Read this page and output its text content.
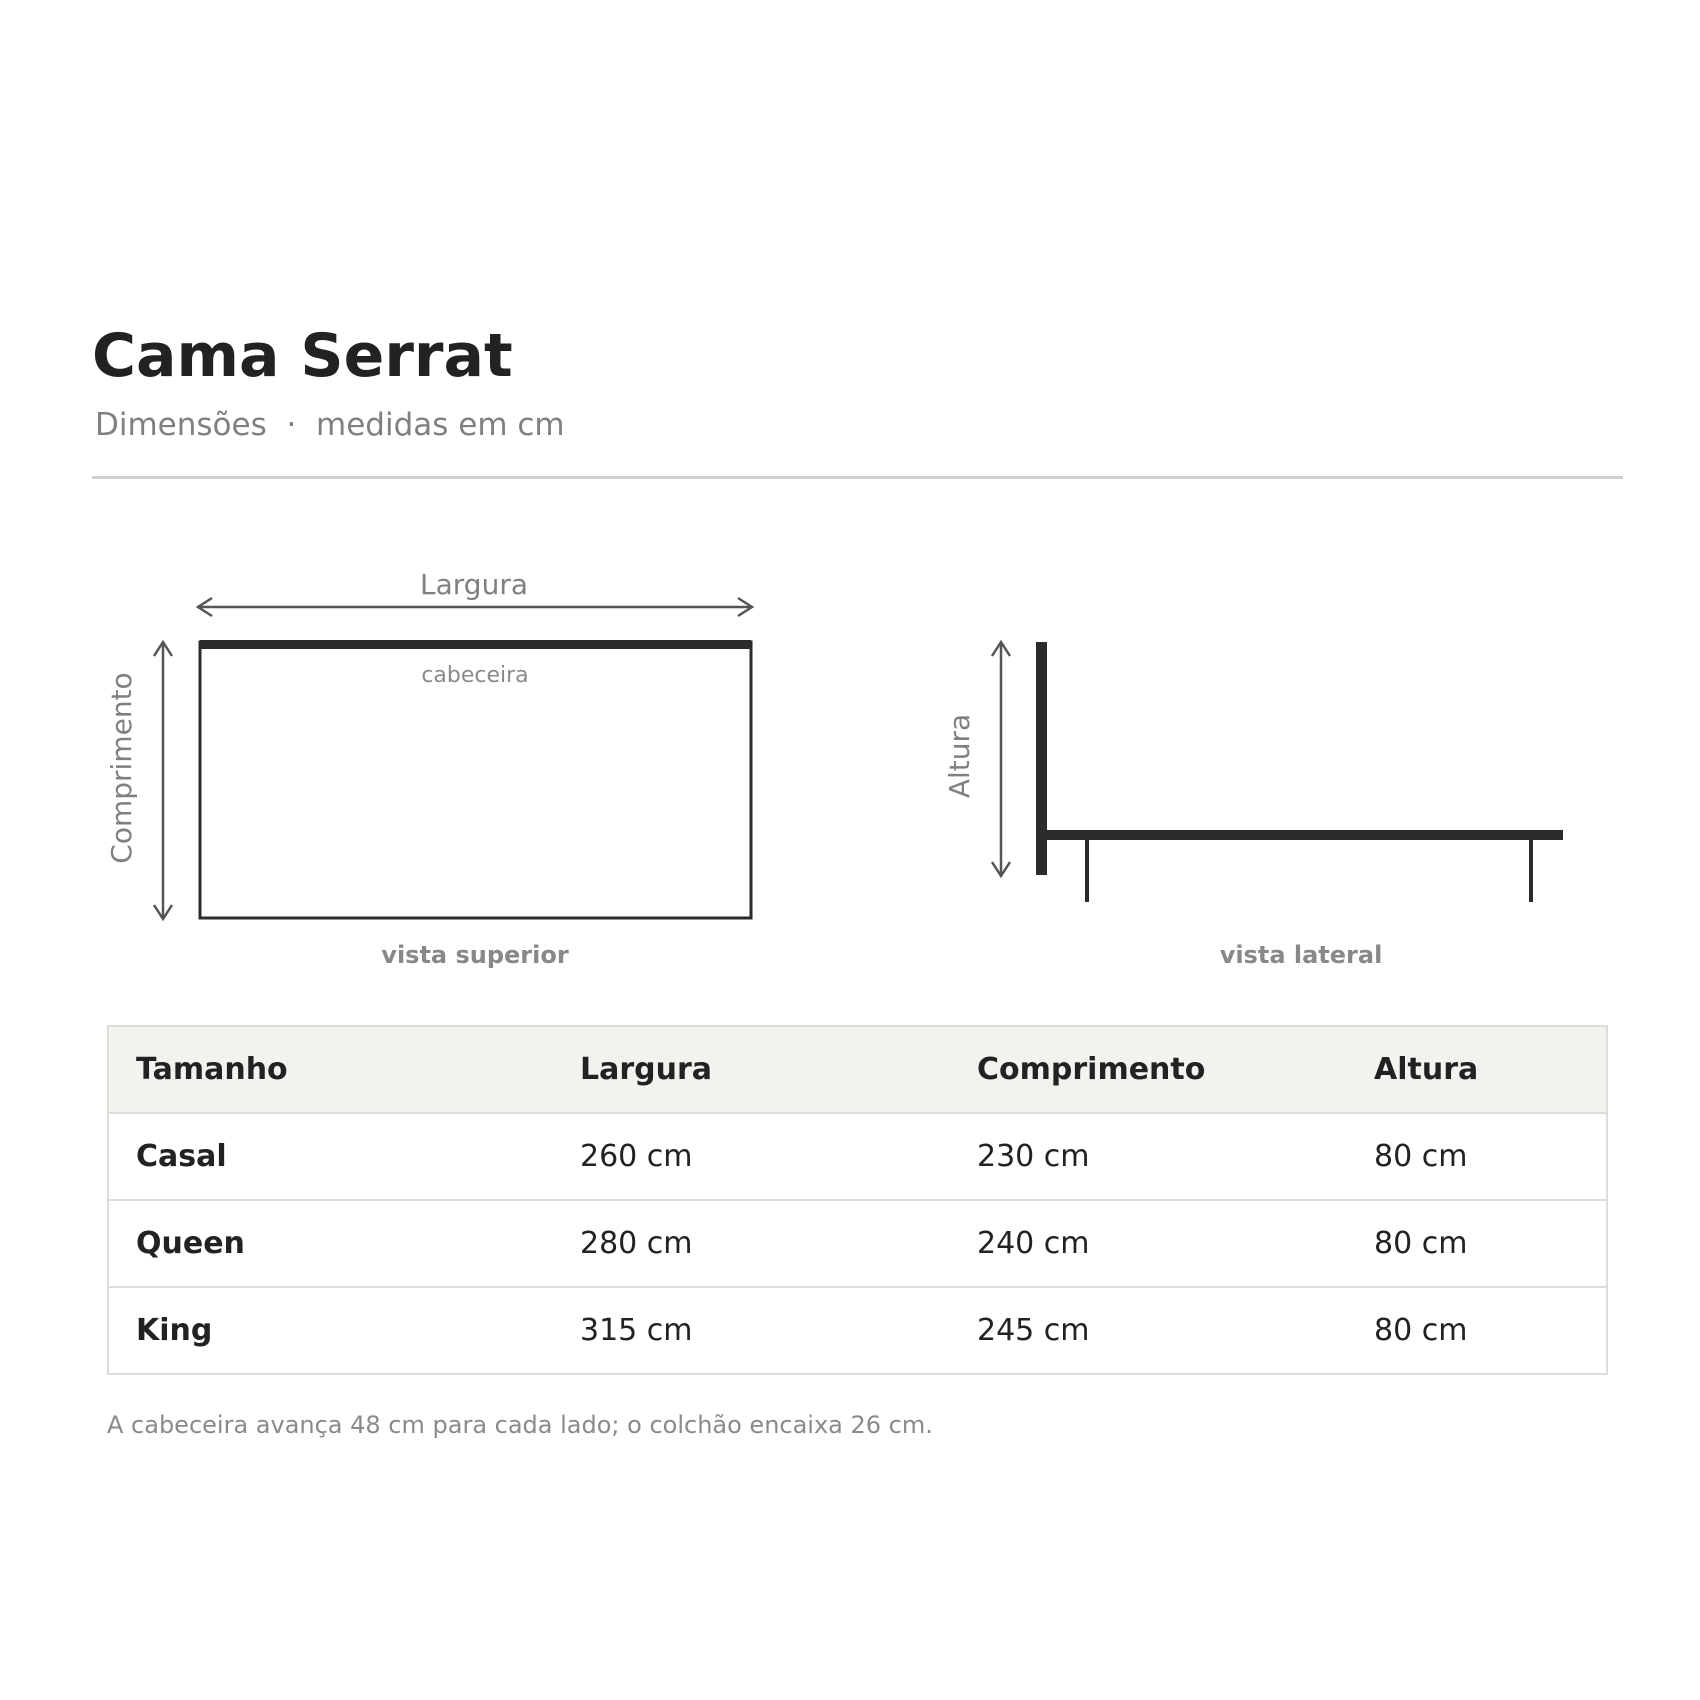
Cama Serrat
Dimensões  ·  medidas em cm
Largura
Comprimento	cabeceira
vista superior
Altura
vista lateral
Tamanho	Largura	Comprimento	Altura
Casal	260 cm	230 cm	80 cm
Queen	280 cm	240 cm	80 cm
King	315 cm	245 cm	80 cm
A cabeceira avança 48 cm para cada lado; o colchão encaixa 26 cm.
